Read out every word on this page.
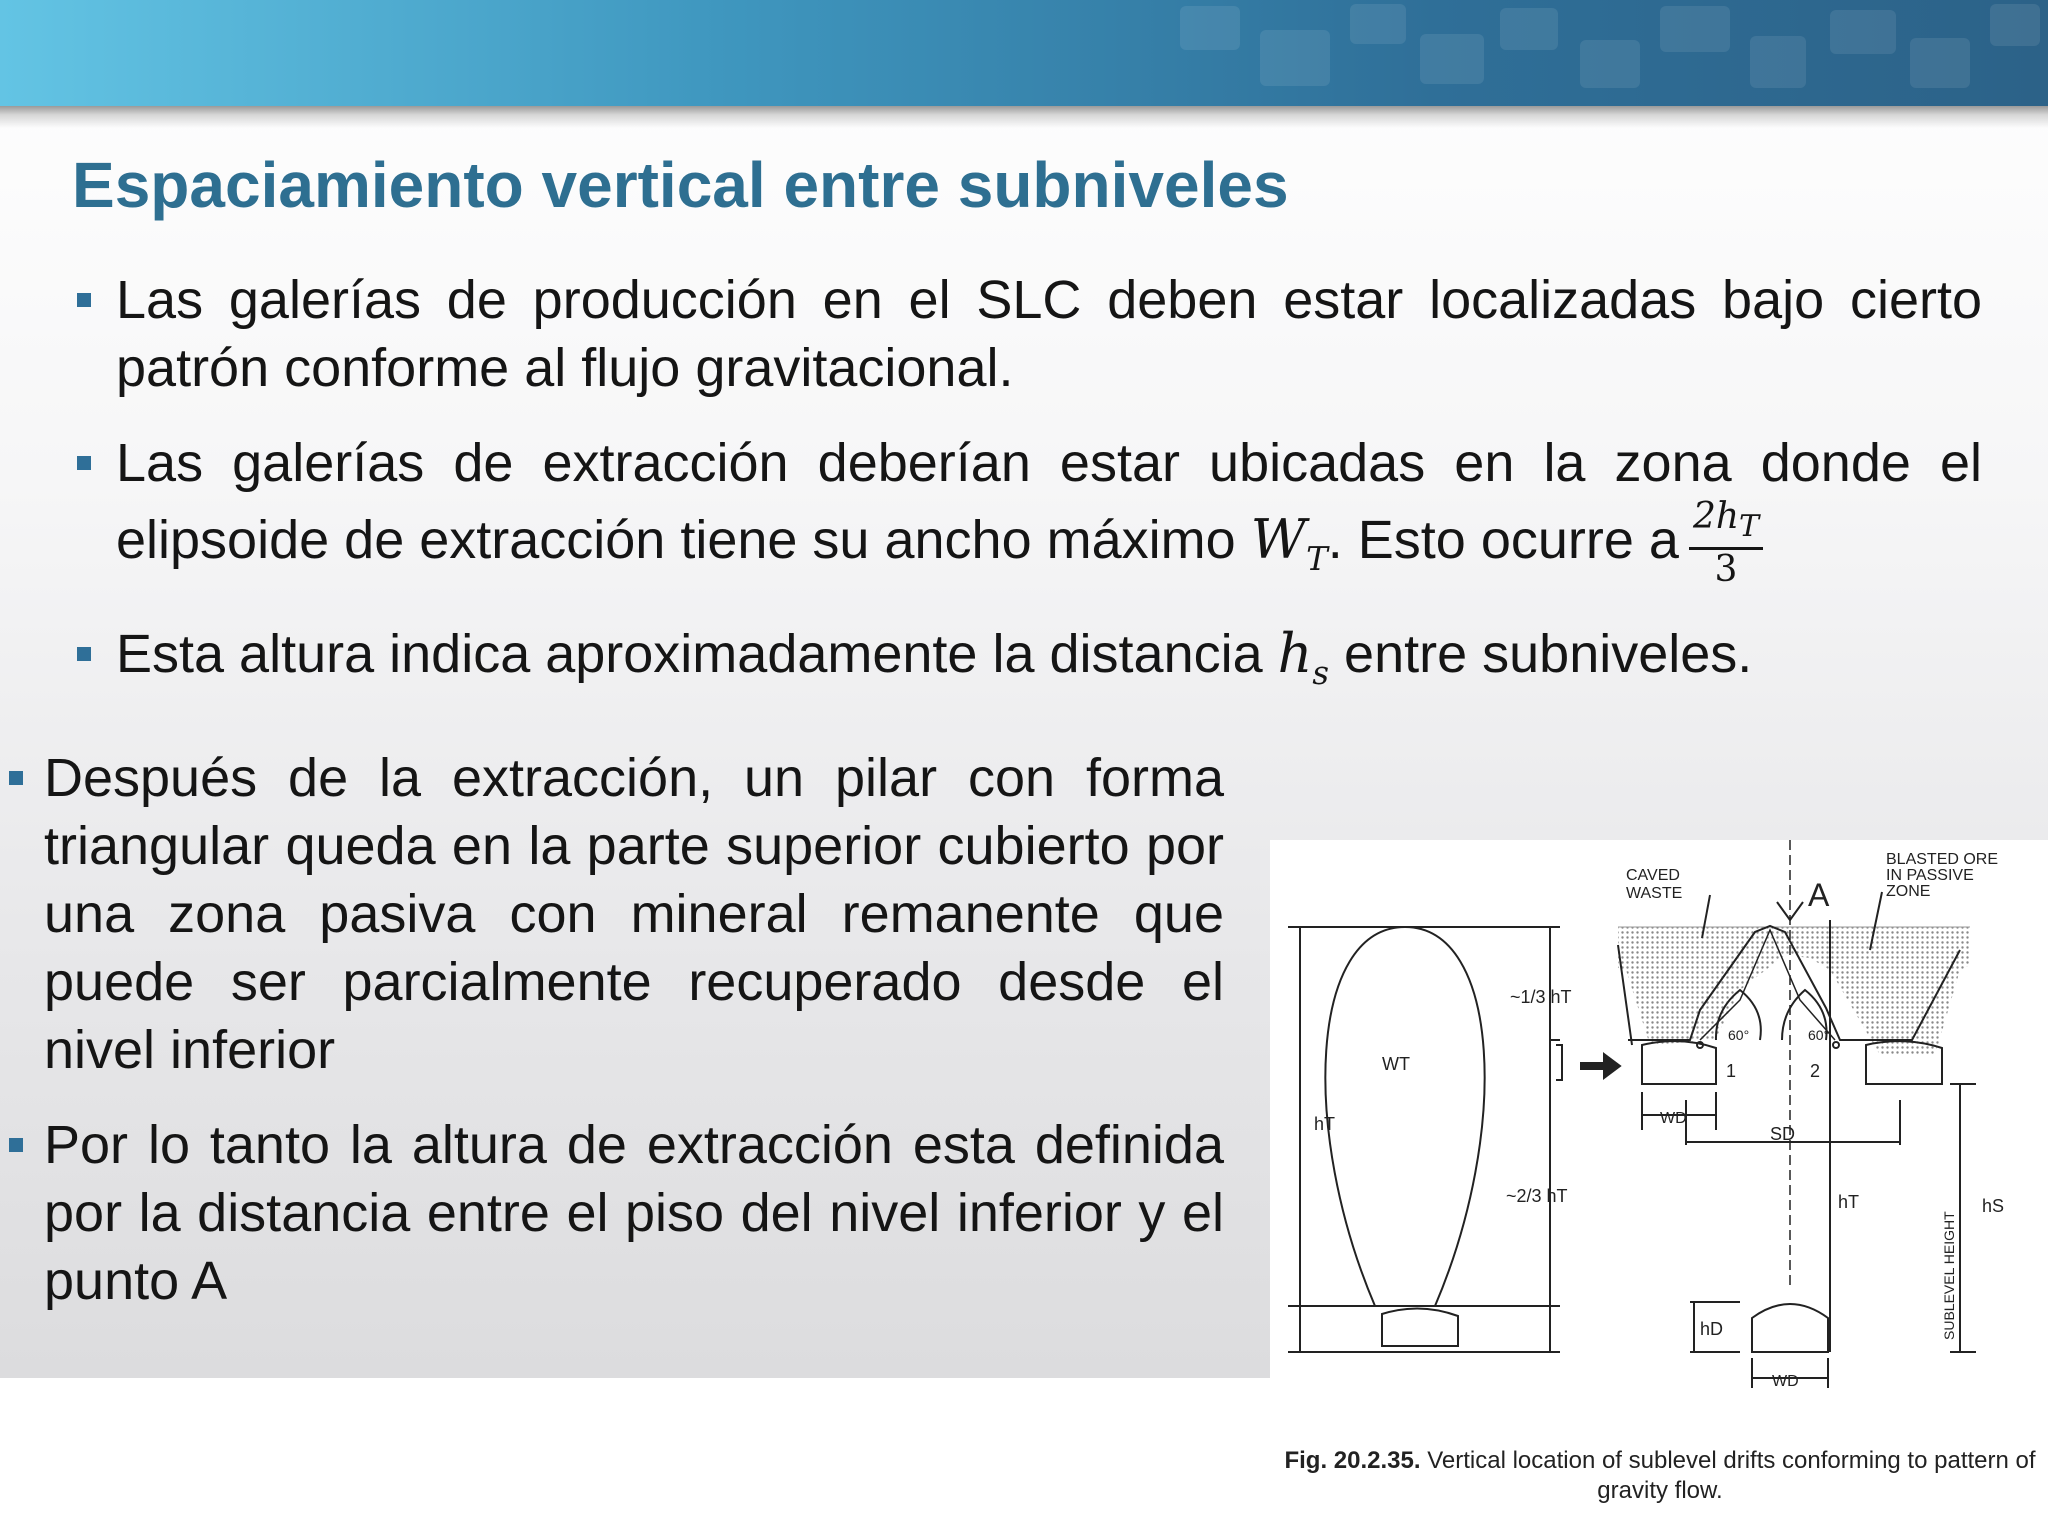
Espaciamiento vertical entre subniveles
Las galerías de producción en el SLC deben estar localizadas bajo cierto patrón conforme al flujo gravitacional.
Las galerías de extracción deberían estar ubicadas en la zona donde el elipsoide de extracción tiene su ancho máximo $W_T$. Esto ocurre a $\frac{2h_T}{3}$
Esta altura indica aproximadamente la distancia $h_s$ entre subniveles.
Después de la extracción, un pilar con forma triangular queda en la parte superior cubierto por una zona pasiva con mineral remanente que puede ser parcialmente recuperado desde el nivel inferior
Por lo tanto la altura de extracción esta definida por la distancia entre el piso del nivel inferior y el punto A
hT
WT
~1/3 hT
~2/3 hT
60°	60°
1	2
A
CAVED
WASTE
BLASTED ORE
IN PASSIVE
ZONE
WD
SD
hT
hD
WD
SUBLEVEL HEIGHT
hS
Fig. 20.2.35. Vertical location of sublevel drifts conforming to pattern of gravity flow.
